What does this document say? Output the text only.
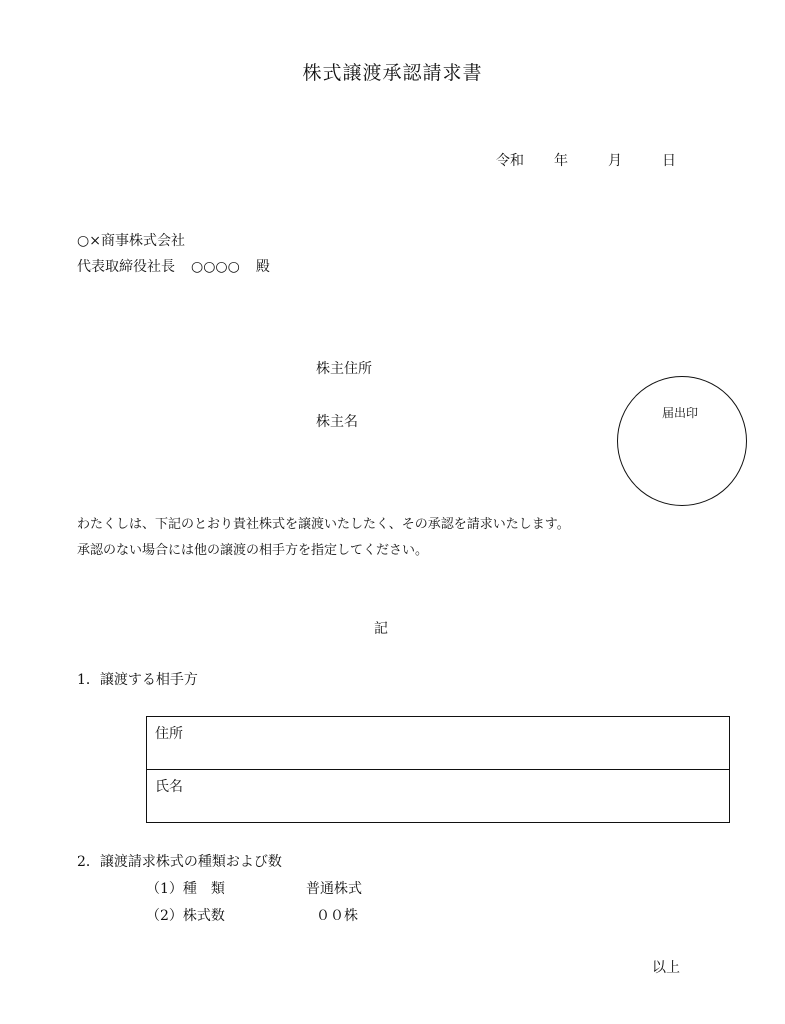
株式譲渡承認請求書
令和 年	月	日
○×商事株式会社
代表取締役社長 ○○○○ 殿
株主住所
株主名
届出印
わたくしは、下記のとおり貴社株式を譲渡いたしたく、その承認を請求いたします。
承認のない場合には他の譲渡の相手方を指定してください。
記
1．譲渡する相手方
住所
氏名
2．譲渡請求株式の種類および数
（1）種　類	普通株式
（2）株式数	００株
以上
